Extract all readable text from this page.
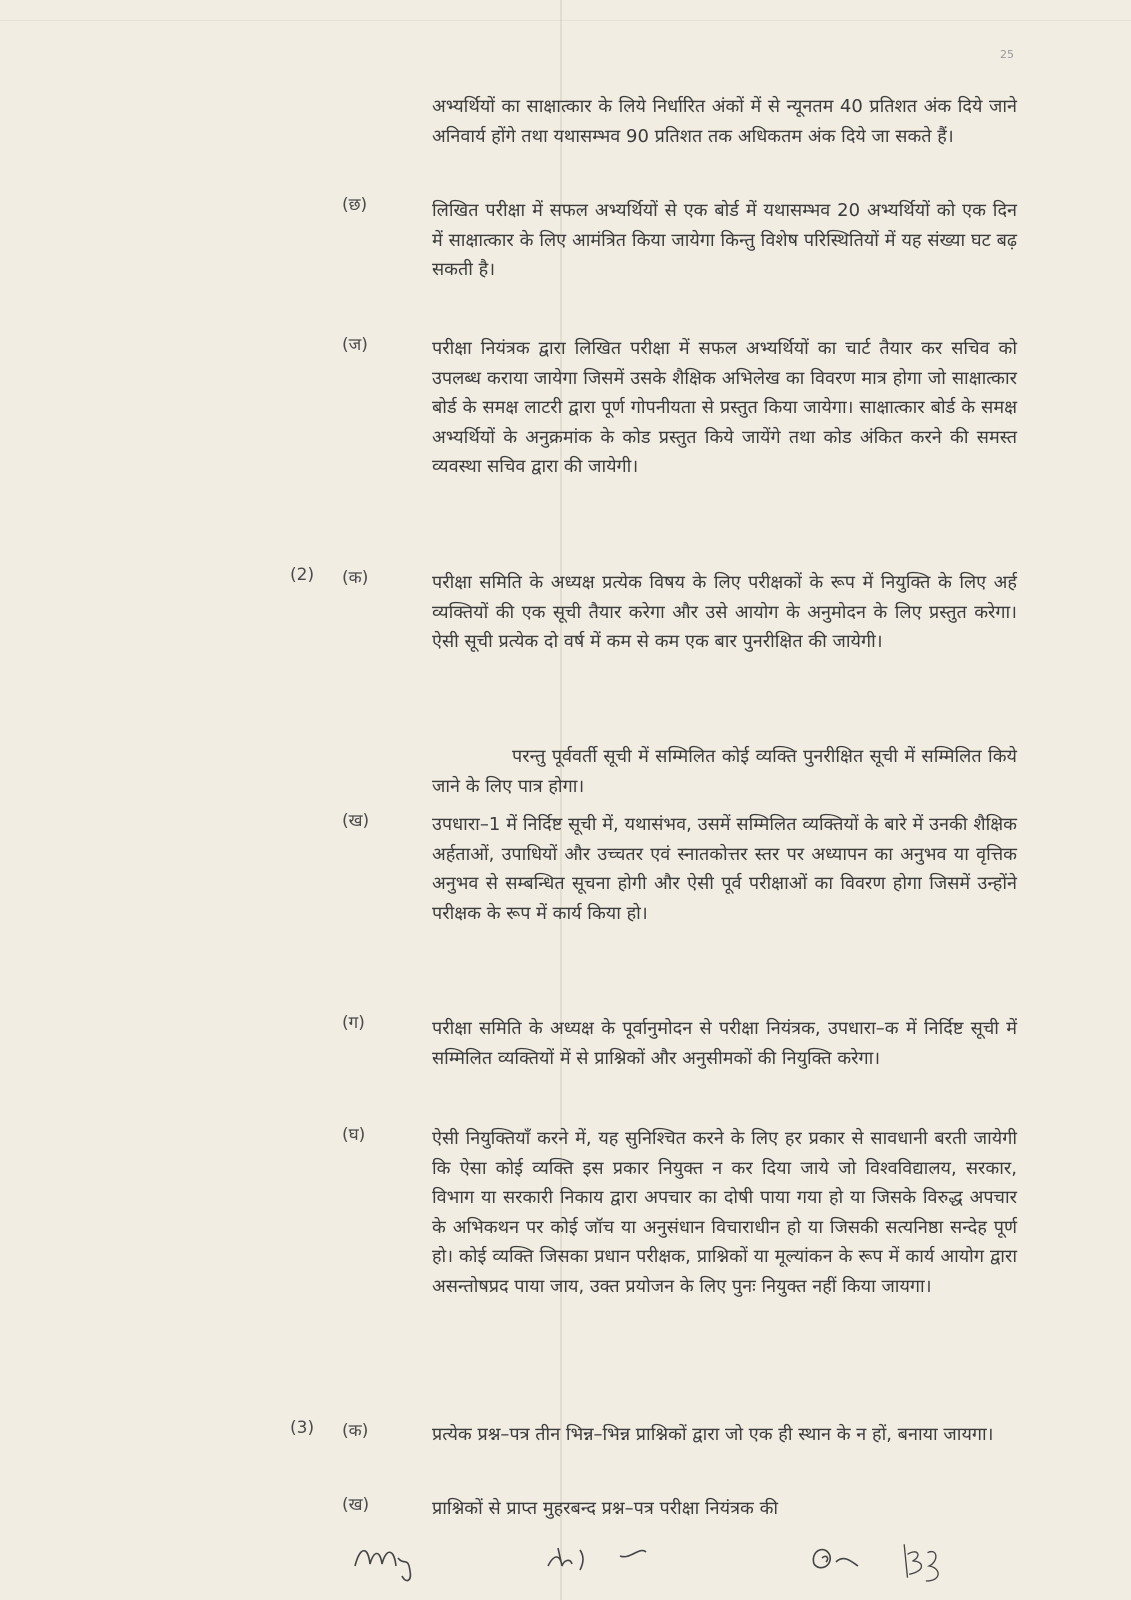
25
अभ्यर्थियों का साक्षात्कार के लिये निर्धारित अंकों में से न्यूनतम 40 प्रतिशत अंक दिये जाने अनिवार्य होंगे तथा यथासम्भव 90 प्रतिशत तक अधिकतम अंक दिये जा सकते हैं।
(छ)	लिखित परीक्षा में सफल अभ्यर्थियों से एक बोर्ड में यथासम्भव 20 अभ्यर्थियों को एक दिन में साक्षात्कार के लिए आमंत्रित किया जायेगा किन्तु विशेष परिस्थितियों में यह संख्या घट बढ़ सकती है।
(ज)	परीक्षा नियंत्रक द्वारा लिखित परीक्षा में सफल अभ्यर्थियों का चार्ट तैयार कर सचिव को उपलब्ध कराया जायेगा जिसमें उसके शैक्षिक अभिलेख का विवरण मात्र होगा जो साक्षात्कार बोर्ड के समक्ष लाटरी द्वारा पूर्ण गोपनीयता से प्रस्तुत किया जायेगा। साक्षात्कार बोर्ड के समक्ष अभ्यर्थियों के अनुक्रमांक के कोड प्रस्तुत किये जायेंगे तथा कोड अंकित करने की समस्त व्यवस्था सचिव द्वारा की जायेगी।
(2) (क)	परीक्षा समिति के अध्यक्ष प्रत्येक विषय के लिए परीक्षकों के रूप में नियुक्ति के लिए अर्ह व्यक्तियों की एक सूची तैयार करेगा और उसे आयोग के अनुमोदन के लिए प्रस्तुत करेगा। ऐसी सूची प्रत्येक दो वर्ष में कम से कम एक बार पुनरीक्षित की जायेगी।
परन्तु पूर्ववर्ती सूची में सम्मिलित कोई व्यक्ति पुनरीक्षित सूची में सम्मिलित किये जाने के लिए पात्र होगा।
(ख)	उपधारा–1 में निर्दिष्ट सूची में, यथासंभव, उसमें सम्मिलित व्यक्तियों के बारे में उनकी शैक्षिक अर्हताओं, उपाधियों और उच्चतर एवं स्नातकोत्तर स्तर पर अध्यापन का अनुभव या वृत्तिक अनुभव से सम्बन्धित सूचना होगी और ऐसी पूर्व परीक्षाओं का विवरण होगा जिसमें उन्होंने परीक्षक के रूप में कार्य किया हो।
(ग)	परीक्षा समिति के अध्यक्ष के पूर्वानुमोदन से परीक्षा नियंत्रक, उपधारा–क में निर्दिष्ट सूची में सम्मिलित व्यक्तियों में से प्राश्निकों और अनुसीमकों की नियुक्ति करेगा।
(घ)	ऐसी नियुक्तियाँ करने में, यह सुनिश्चित करने के लिए हर प्रकार से सावधानी बरती जायेगी कि ऐसा कोई व्यक्ति इस प्रकार नियुक्त न कर दिया जाये जो विश्वविद्यालय, सरकार, विभाग या सरकारी निकाय द्वारा अपचार का दोषी पाया गया हो या जिसके विरुद्ध अपचार के अभिकथन पर कोई जॉच या अनुसंधान विचाराधीन हो या जिसकी सत्यनिष्ठा सन्देह पूर्ण हो। कोई व्यक्ति जिसका प्रधान परीक्षक, प्राश्निकों या मूल्यांकन के रूप में कार्य आयोग द्वारा असन्तोषप्रद पाया जाय, उक्त प्रयोजन के लिए पुनः नियुक्त नहीं किया जायगा।
(3) (क)	प्रत्येक प्रश्न–पत्र तीन भिन्न–भिन्न प्राश्निकों द्वारा जो एक ही स्थान के न हों, बनाया जायगा।
(ख)	प्राश्निकों से प्राप्त मुहरबन्द प्रश्न–पत्र परीक्षा नियंत्रक की
